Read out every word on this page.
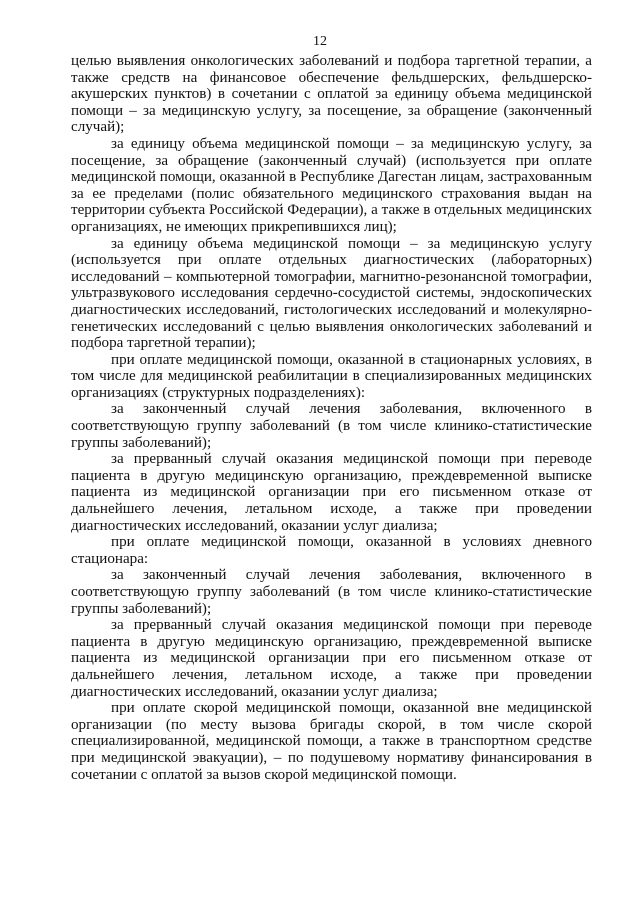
12

целью выявления онкологических заболеваний и подбора таргетной терапии, а также средств на финансовое обеспечение фельдшерских, фельдшерско-акушерских пунктов) в сочетании с оплатой за единицу объема медицинской помощи – за медицинскую услугу, за посещение, за обращение (законченный случай);

за единицу объема медицинской помощи – за медицинскую услугу, за посещение, за обращение (законченный случай) (используется при оплате медицинской помощи, оказанной в Республике Дагестан лицам, застрахованным за ее пределами (полис обязательного медицинского страхования выдан на территории субъекта Российской Федерации), а также в отдельных медицинских организациях, не имеющих прикрепившихся лиц);

за единицу объема медицинской помощи – за медицинскую услугу (используется при оплате отдельных диагностических (лабораторных) исследований – компьютерной томографии, магнитно-резонансной томографии, ультразвукового исследования сердечно-сосудистой системы, эндоскопических диагностических исследований, гистологических исследований и молекулярно-генетических исследований с целью выявления онкологических заболеваний и подбора таргетной терапии);

при оплате медицинской помощи, оказанной в стационарных условиях, в том числе для медицинской реабилитации в специализированных медицинских организациях (структурных подразделениях):

за законченный случай лечения заболевания, включенного в соответствующую группу заболеваний (в том числе клинико-статистические группы заболеваний);

за прерванный случай оказания медицинской помощи при переводе пациента в другую медицинскую организацию, преждевременной выписке пациента из медицинской организации при его письменном отказе от дальнейшего лечения, летальном исходе, а также при проведении диагностических исследований, оказании услуг диализа;

при оплате медицинской помощи, оказанной в условиях дневного стационара:

за законченный случай лечения заболевания, включенного в соответствующую группу заболеваний (в том числе клинико-статистические группы заболеваний);

за прерванный случай оказания медицинской помощи при переводе пациента в другую медицинскую организацию, преждевременной выписке пациента из медицинской организации при его письменном отказе от дальнейшего лечения, летальном исходе, а также при проведении диагностических исследований, оказании услуг диализа;

при оплате скорой медицинской помощи, оказанной вне медицинской организации (по месту вызова бригады скорой, в том числе скорой специализированной, медицинской помощи, а также в транспортном средстве при медицинской эвакуации), – по подушевому нормативу финансирования в сочетании с оплатой за вызов скорой медицинской помощи.
